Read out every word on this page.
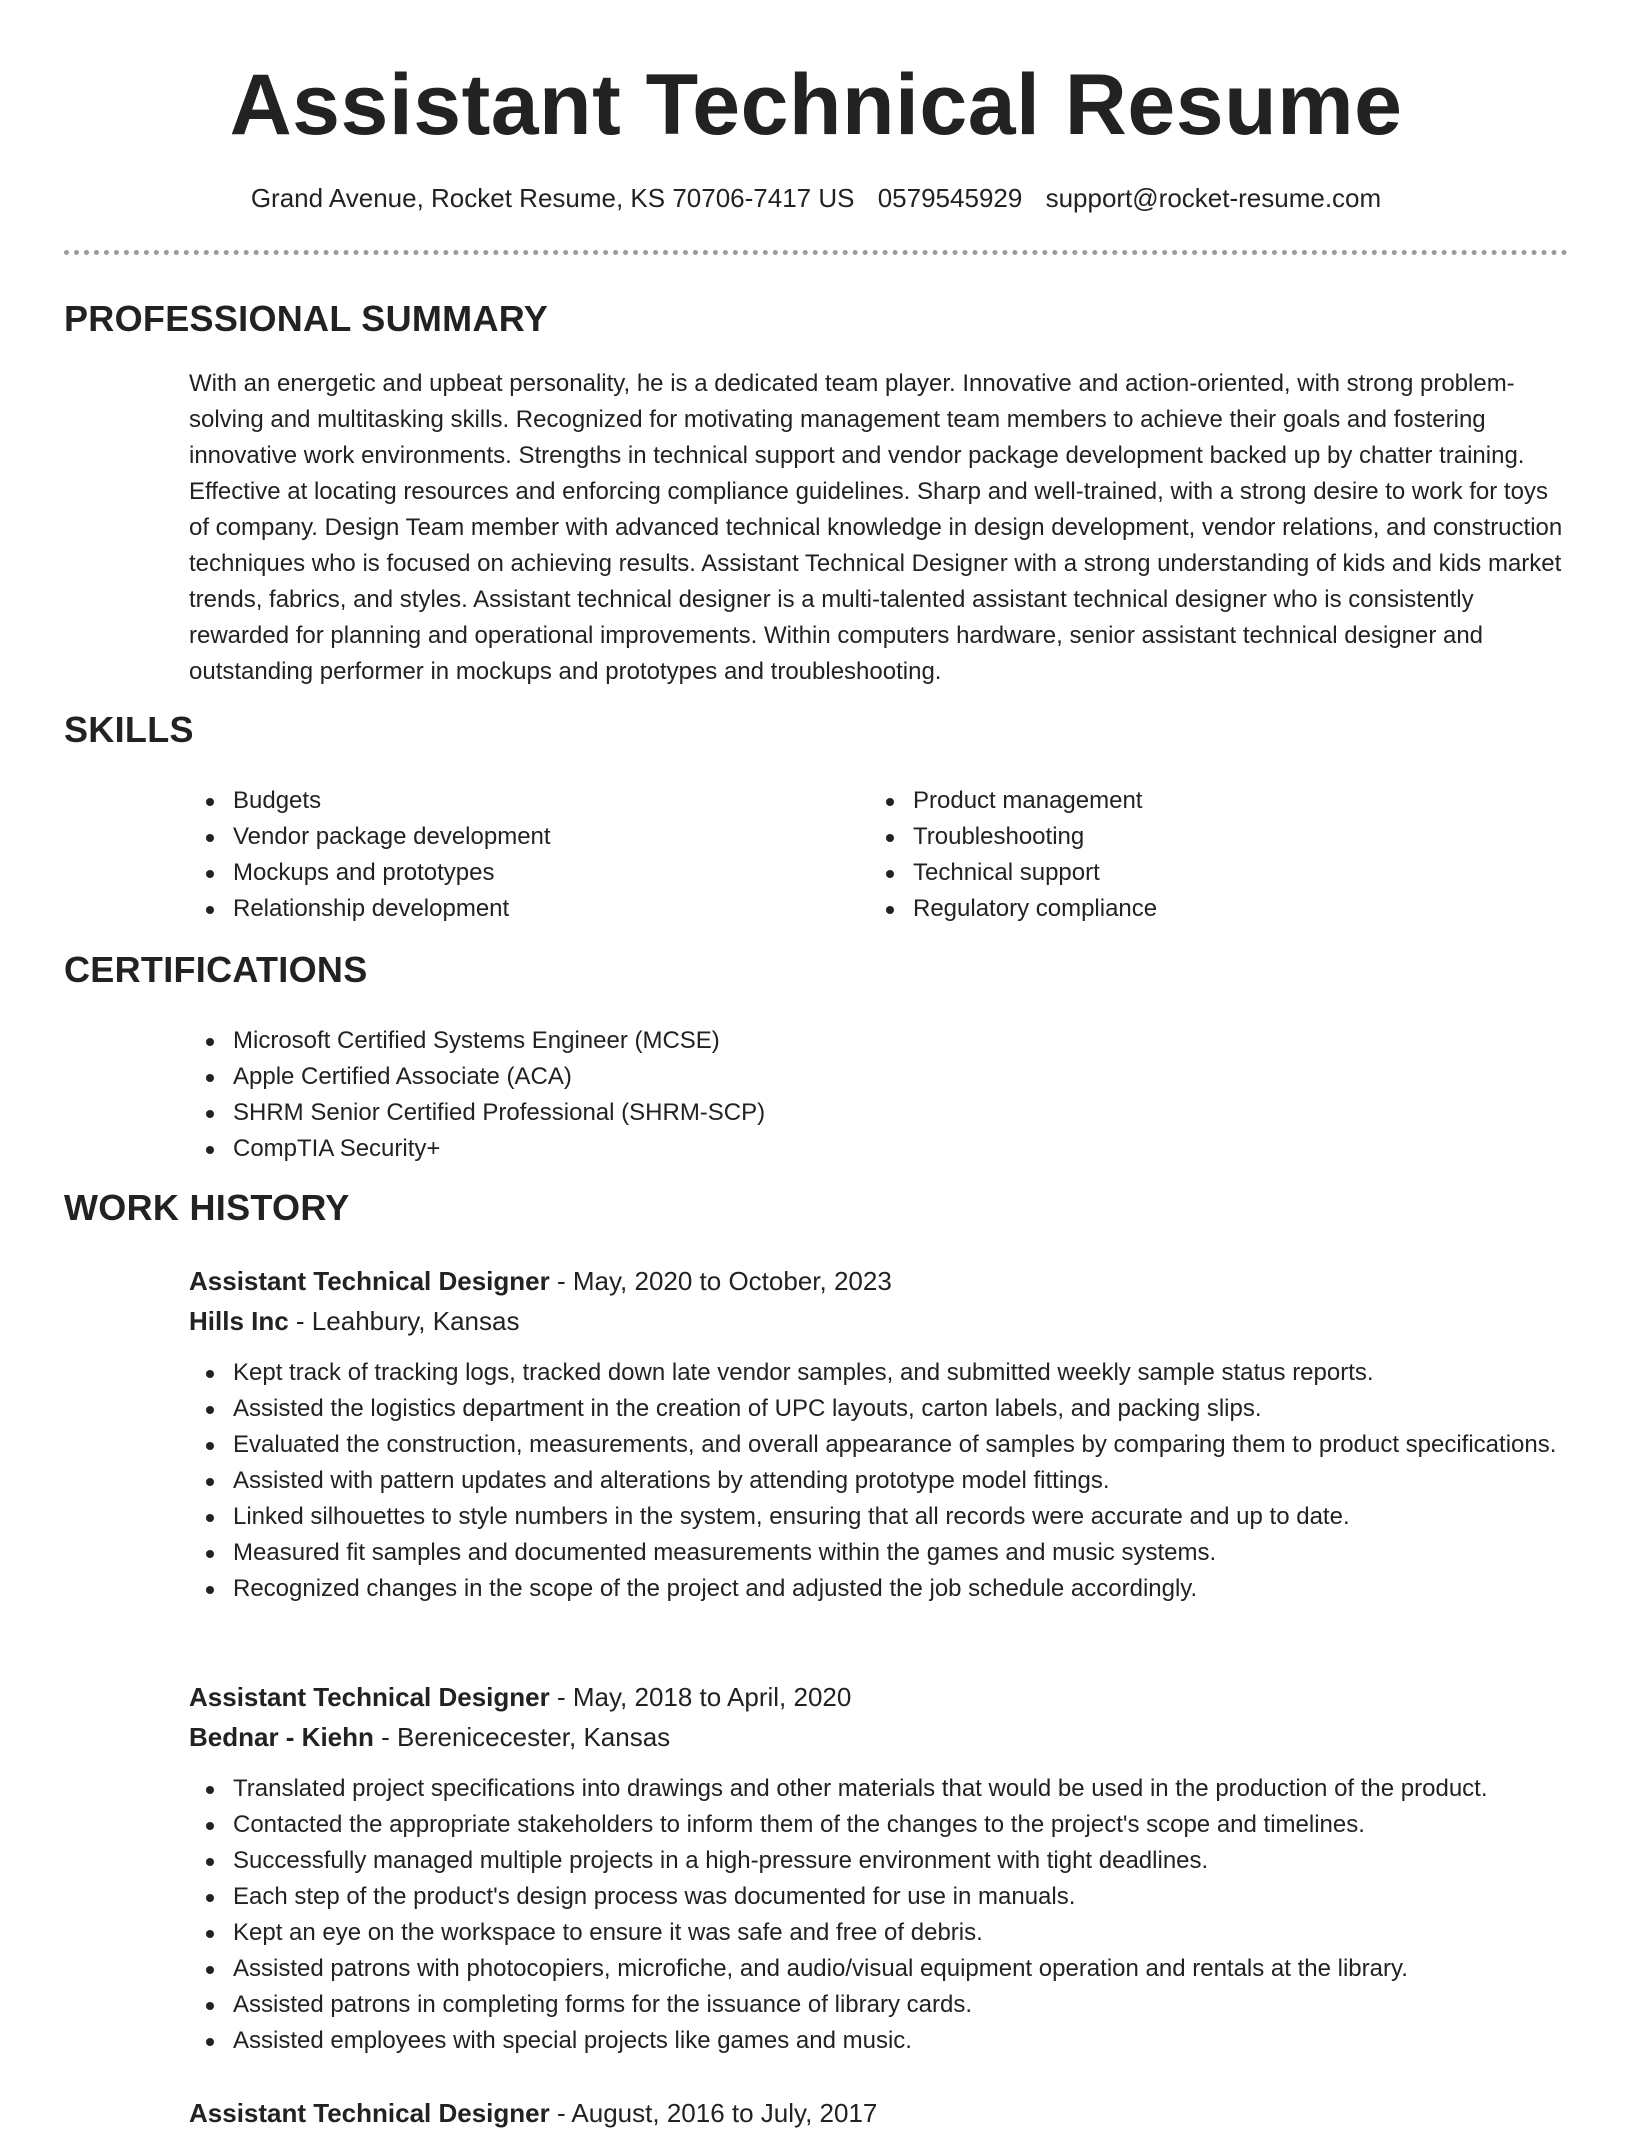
Assistant Technical Resume
Grand Avenue, Rocket Resume, KS 70706-7417 US 0579545929 support@rocket-resume.com
PROFESSIONAL SUMMARY

With an energetic and upbeat personality, he is a dedicated team player. Innovative and action-oriented, with strong problem-solving and multitasking skills. Recognized for motivating management team members to achieve their goals and fostering innovative work environments. Strengths in technical support and vendor package development backed up by chatter training. Effective at locating resources and enforcing compliance guidelines. Sharp and well-trained, with a strong desire to work for toys of company. Design Team member with advanced technical knowledge in design development, vendor relations, and construction techniques who is focused on achieving results. Assistant Technical Designer with a strong understanding of kids and kids market trends, fabrics, and styles. Assistant technical designer is a multi-talented assistant technical designer who is consistently rewarded for planning and operational improvements. Within computers hardware, senior assistant technical designer and outstanding performer in mockups and prototypes and troubleshooting.

SKILLS
Budgets
Vendor package development
Mockups and prototypes
Relationship development
Product management
Troubleshooting
Technical support
Regulatory compliance
CERTIFICATIONS
Microsoft Certified Systems Engineer (MCSE)
Apple Certified Associate (ACA)
SHRM Senior Certified Professional (SHRM-SCP)
CompTIA Security+
WORK HISTORY
Assistant Technical Designer - May, 2020 to October, 2023
Hills Inc - Leahbury, Kansas
Kept track of tracking logs, tracked down late vendor samples, and submitted weekly sample status reports.
Assisted the logistics department in the creation of UPC layouts, carton labels, and packing slips.
Evaluated the construction, measurements, and overall appearance of samples by comparing them to product specifications.
Assisted with pattern updates and alterations by attending prototype model fittings.
Linked silhouettes to style numbers in the system, ensuring that all records were accurate and up to date.
Measured fit samples and documented measurements within the games and music systems.
Recognized changes in the scope of the project and adjusted the job schedule accordingly.
Assistant Technical Designer - May, 2018 to April, 2020
Bednar - Kiehn - Berenicecester, Kansas
Translated project specifications into drawings and other materials that would be used in the production of the product.
Contacted the appropriate stakeholders to inform them of the changes to the project's scope and timelines.
Successfully managed multiple projects in a high-pressure environment with tight deadlines.
Each step of the product's design process was documented for use in manuals.
Kept an eye on the workspace to ensure it was safe and free of debris.
Assisted patrons with photocopiers, microfiche, and audio/visual equipment operation and rentals at the library.
Assisted patrons in completing forms for the issuance of library cards.
Assisted employees with special projects like games and music.
Assistant Technical Designer - August, 2016 to July, 2017
